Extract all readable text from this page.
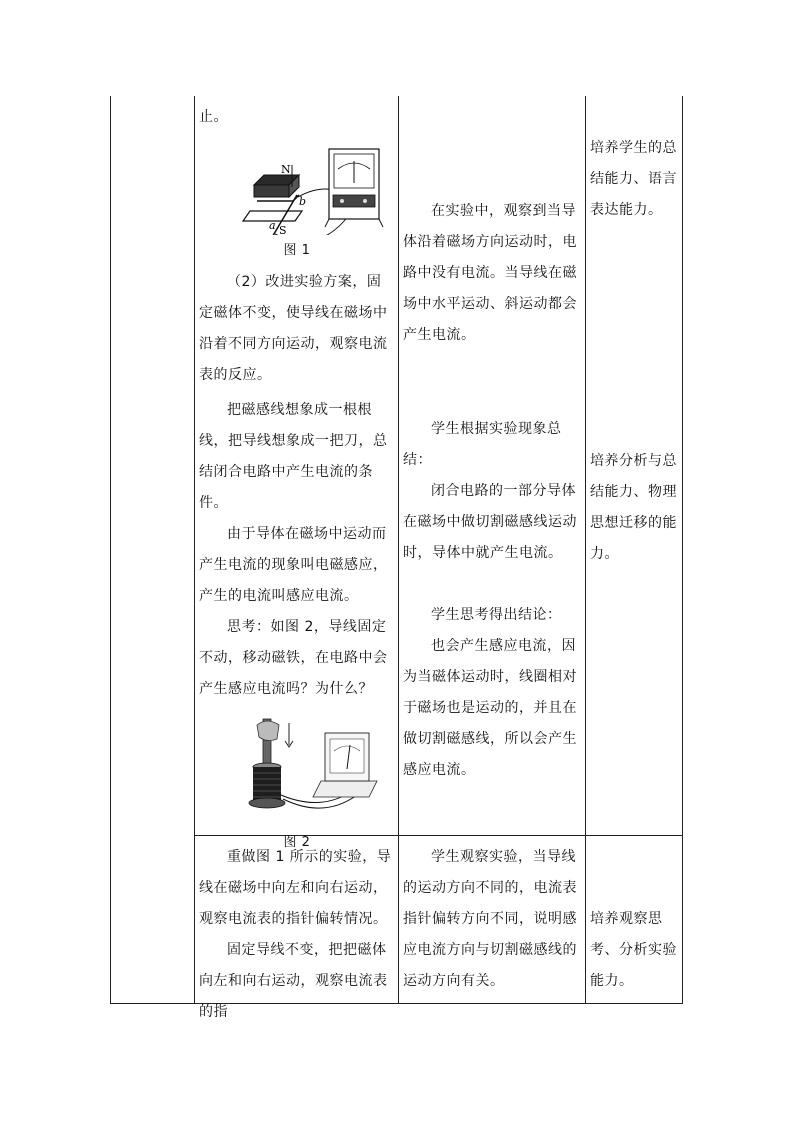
止。

N
S
a
b
图 1

（2）改进实验方案，固定磁体不变，使导线在磁场中沿着不同方向运动，观察电流表的反应。

把磁感线想象成一根根线，把导线想象成一把刀，总结闭合电路中产生电流的条件。

由于导体在磁场中运动而产生电流的现象叫电磁感应，产生的电流叫感应电流。

思考：如图 2，导线固定不动，移动磁铁，在电路中会产生感应电流吗？为什么？

图 2

在实验中，观察到当导体沿着磁场方向运动时，电路中没有电流。当导线在磁场中水平运动、斜运动都会产生电流。

学生根据实验现象总结：

闭合电路的一部分导体在磁场中做切割磁感线运动时，导体中就产生电流。

学生思考得出结论：

也会产生感应电流，因为当磁体运动时，线圈相对于磁场也是运动的，并且在做切割磁感线，所以会产生感应电流。

培养学生的总结能力、语言表达能力。

培养分析与总结能力、物理思想迁移的能力。

重做图 1 所示的实验，导线在磁场中向左和向右运动，观察电流表的指针偏转情况。

固定导线不变，把把磁体向左和向右运动，观察电流表的指

学生观察实验，当导线的运动方向不同的，电流表指针偏转方向不同，说明感应电流方向与切割磁感线的运动方向有关。

培养观察思考、分析实验能力。
